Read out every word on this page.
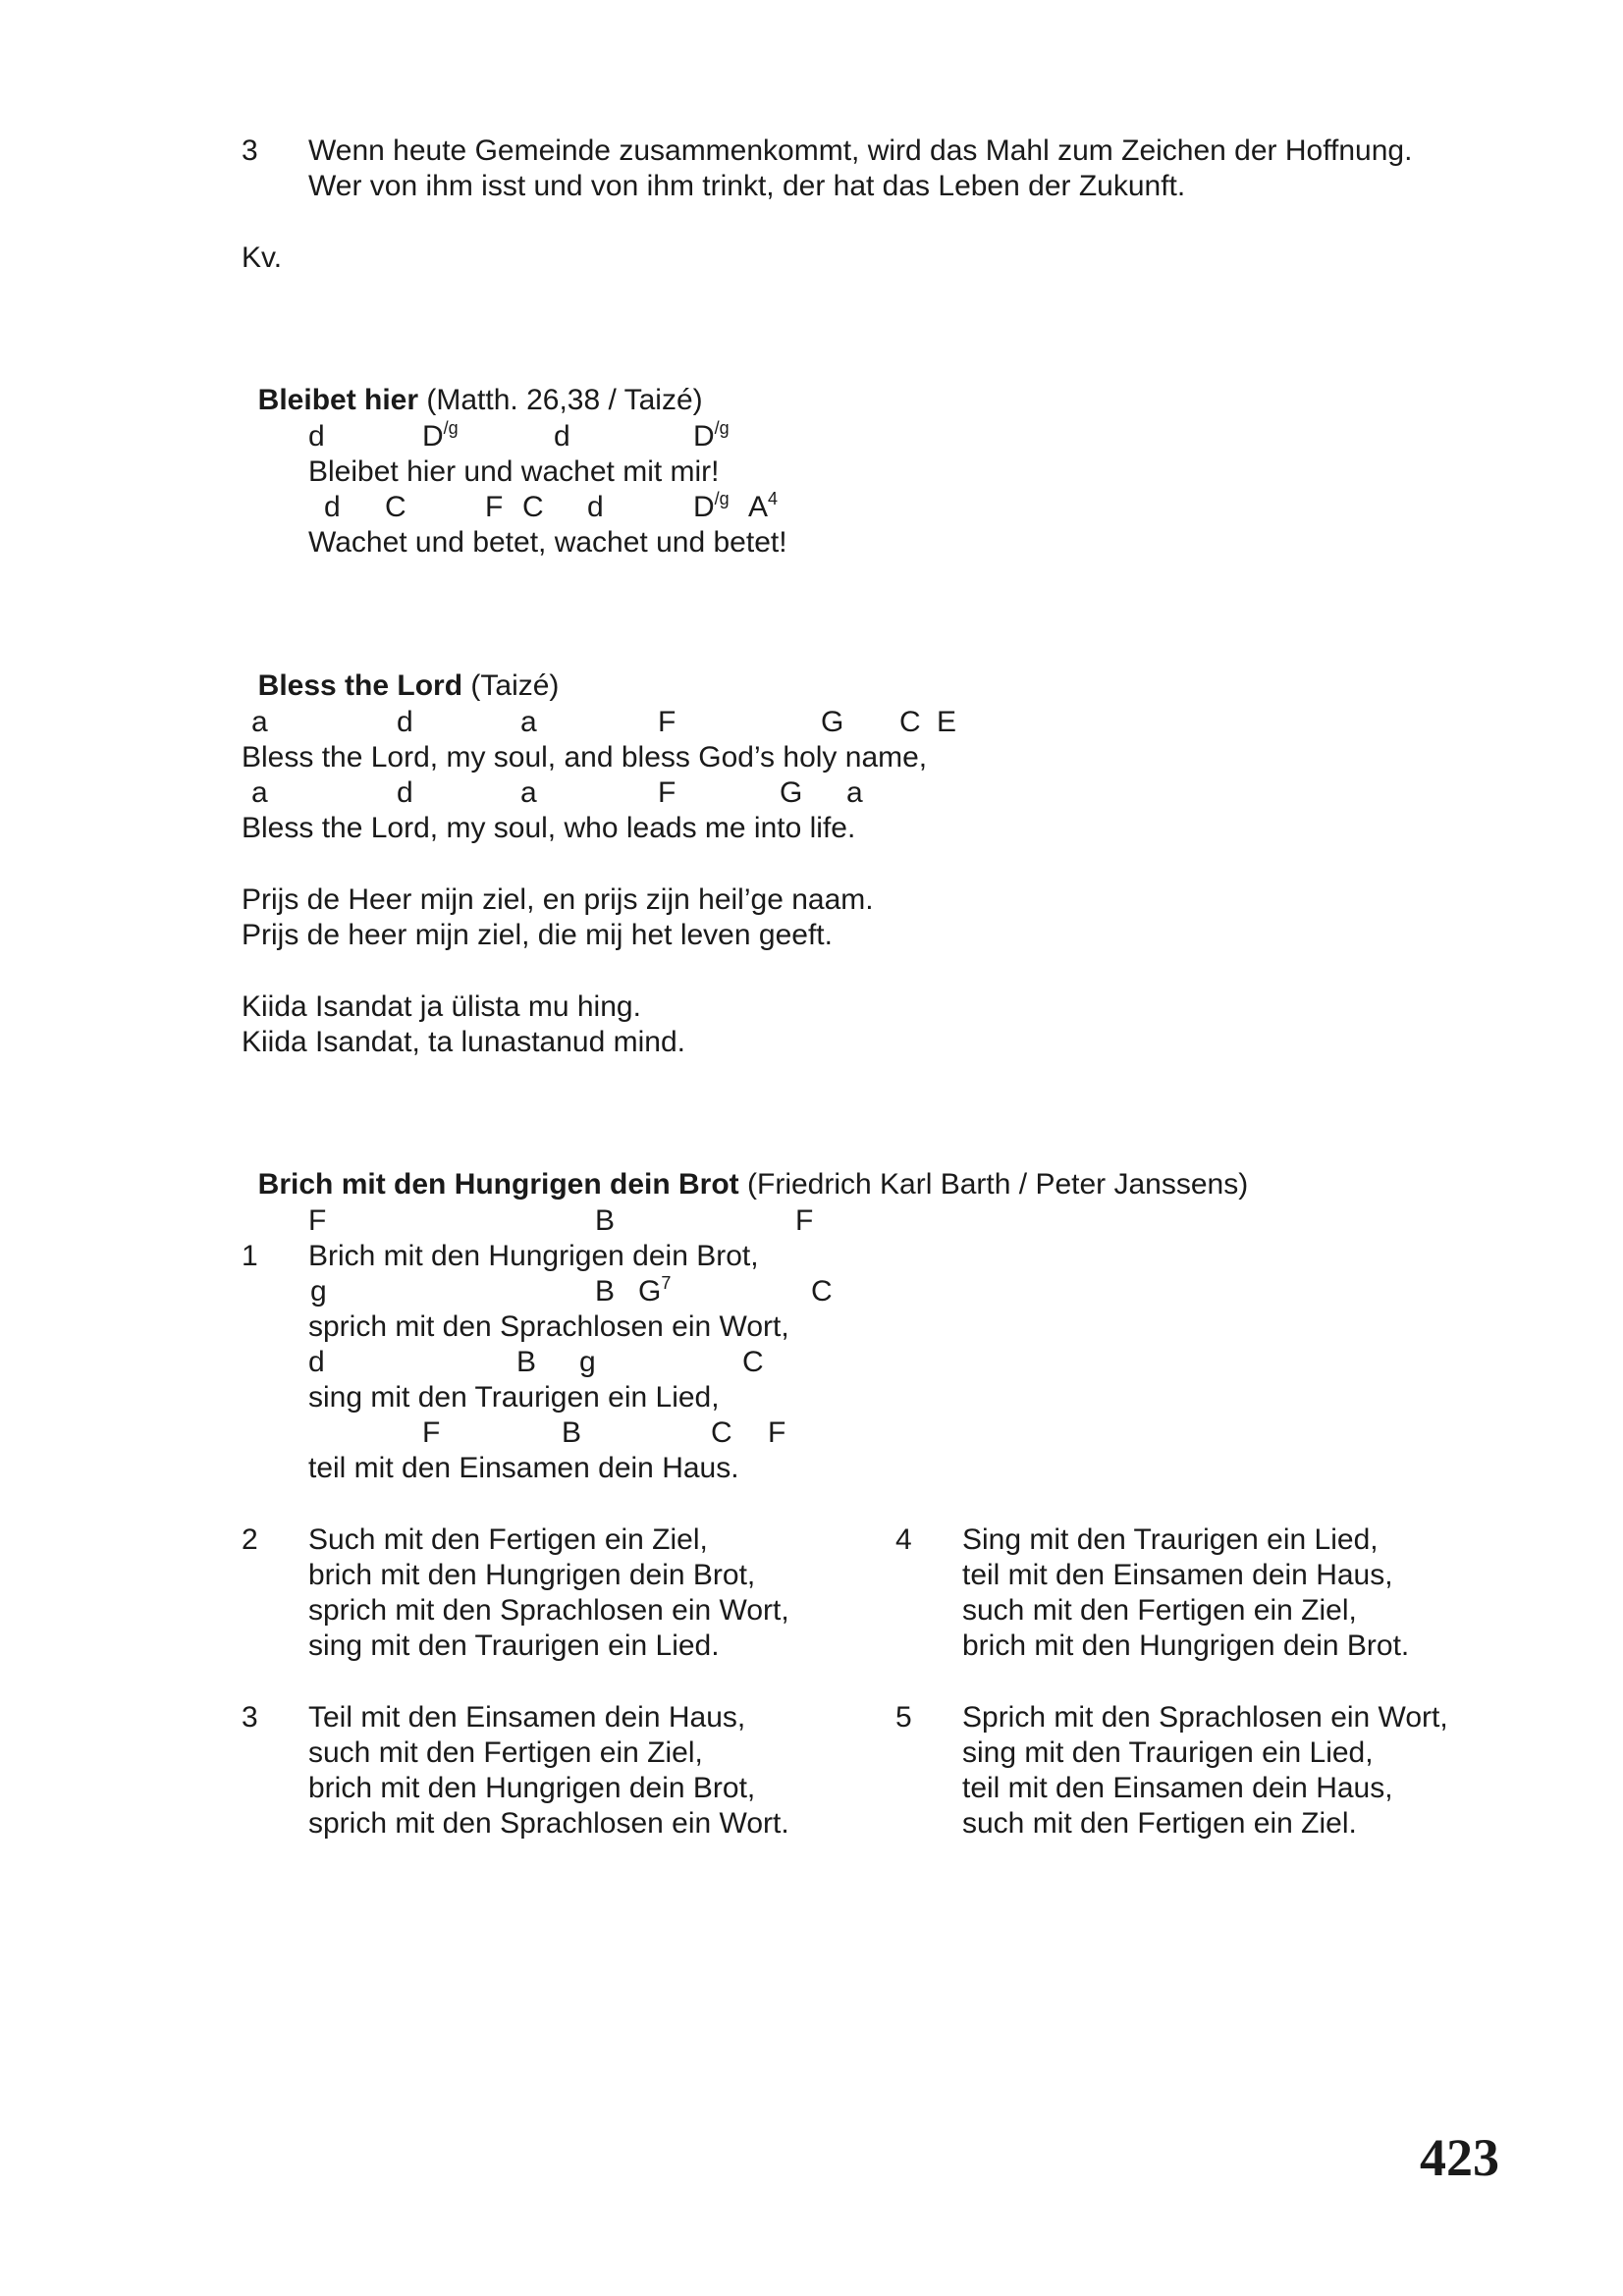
3 Wenn heute Gemeinde zusammenkommt, wird das Mahl zum Zeichen der Hoffnung.
Wer von ihm isst und von ihm trinkt, der hat das Leben der Zukunft.
Kv.

Bleibet hier (Matth. 26,38 / Taizé)

d	$D^{/g}$	d	$D^{/g}$
Bleibet hier und wachet mit mir!
d C	F C d	$D^{/g}$ $A^4$
Wachet und betet, wachet und betet!

Bless the Lord (Taizé)

a	d	a	F	G C E
Bless the Lord, my soul, and bless God’s holy name,
a	d	a	F	G a
Bless the Lord, my soul, who leads me into life.
Prijs de Heer mijn ziel, en prijs zijn heil’ge naam.
Prijs de heer mijn ziel, die mij het leven geeft.
Kiida Isandat ja ülista mu hing.
Kiida Isandat, ta lunastanud mind.

Brich mit den Hungrigen dein Brot (Friedrich Karl Barth / Peter Janssens)

F	B	F
1 Brich mit den Hungrigen dein Brot,
g	B $G^7$	C
sprich mit den Sprachlosen ein Wort,
d	B g	C
sing mit den Traurigen ein Lied,
F	B	C F
teil mit den Einsamen dein Haus.
2 Such mit den Fertigen ein Ziel,
brich mit den Hungrigen dein Brot,
sprich mit den Sprachlosen ein Wort,
sing mit den Traurigen ein Lied.
4 Sing mit den Traurigen ein Lied,
teil mit den Einsamen dein Haus,
such mit den Fertigen ein Ziel,
brich mit den Hungrigen dein Brot.
3 Teil mit den Einsamen dein Haus,
such mit den Fertigen ein Ziel,
brich mit den Hungrigen dein Brot,
sprich mit den Sprachlosen ein Wort.
5 Sprich mit den Sprachlosen ein Wort,
sing mit den Traurigen ein Lied,
teil mit den Einsamen dein Haus,
such mit den Fertigen ein Ziel.
423
